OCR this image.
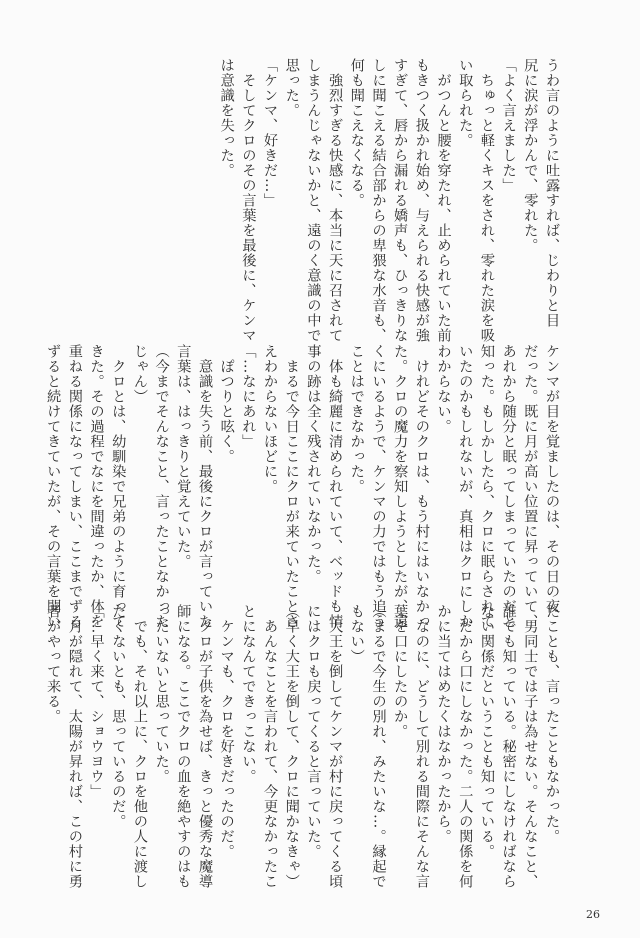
うわ言のように吐露すれば、じわりと目
尻に涙が浮かんで、零れた。
「よく言えました」
　ちゅっと軽くキスをされ、零れた涙を吸
い取られた。
　がつんと腰を穿たれ、止められていた前
もきつく扱かれ始め、与えられる快感が強
すぎて、唇から漏れる嬌声も、ひっきりな
しに聞こえる結合部からの卑猥な水音も、
何も聞こえなくなる。
　強烈すぎる快感に、本当に天に召されて
しまうんじゃないかと、遠のく意識の中で
思った。
「ケンマ、好きだ…」
　そしてクロのその言葉を最後に、ケンマ
は意識を失った。
ケンマが目を覚ましたのは、その日の夜
だった。既に月が高い位置に昇っていて、
あれから随分と眠ってしまっていたのだと
知った。もしかしたら、クロに眠らされて
いたのかもしれないが、真相はクロにしか
わからない。
　けれどそのクロは、もう村にはいなかっ
た。クロの魔力を察知しようとしたが、遠
くにいるようで、ケンマの力ではもう追う
ことはできなかった。
　体も綺麗に清められていて、ベッドも情
事の跡は全く残されていなかった。
　まるで今日ここにクロが来ていたことさ
えわからないほどに。
「…なにあれ」
　ぽつりと呟く。
　意識を失う前、最後にクロが言っていた
言葉は、はっきりと覚えていた。
（今までそんなこと、言ったことなかった
じゃん）
　クロとは、幼馴染で兄弟のように育って
きた。その過程でなにを間違ったか、体を
重ねる関係になってしまい、ここまでずる
ずると続けてきていたが、その言葉を聞い
たことも、言ったこともなかった。
　男同士では子は為せない。そんなこと、
誰でも知っている。秘密にしなければなら
ない関係だということも知っている。
　だから口にしなかった。二人の関係を何
かに当てはめたくはなかったから。
　なのに、どうして別れる間際にそんな言
葉を口にしたのか。
（まるで今生の別れ、みたいな…。縁起で
もない）
　大王を倒してケンマが村に戻ってくる頃
にはクロも戻ってくると言っていた。
（早く大王を倒して、クロに聞かなきゃ）
　あんなことを言われて、今更なかったこ
とになんてできっこない。
　ケンマも、クロを好きだったのだ。
　クロが子供を為せば、きっと優秀な魔導
師になる。ここでクロの血を絶やすのはも
ったいないと思っていた。
　でも、それ以上に、クロを他の人に渡し
たくないとも、思っているのだ。
「…早く来て、ショウヨウ」
　月が隠れて、太陽が昇れば、この村に勇
者がやって来る。
26
